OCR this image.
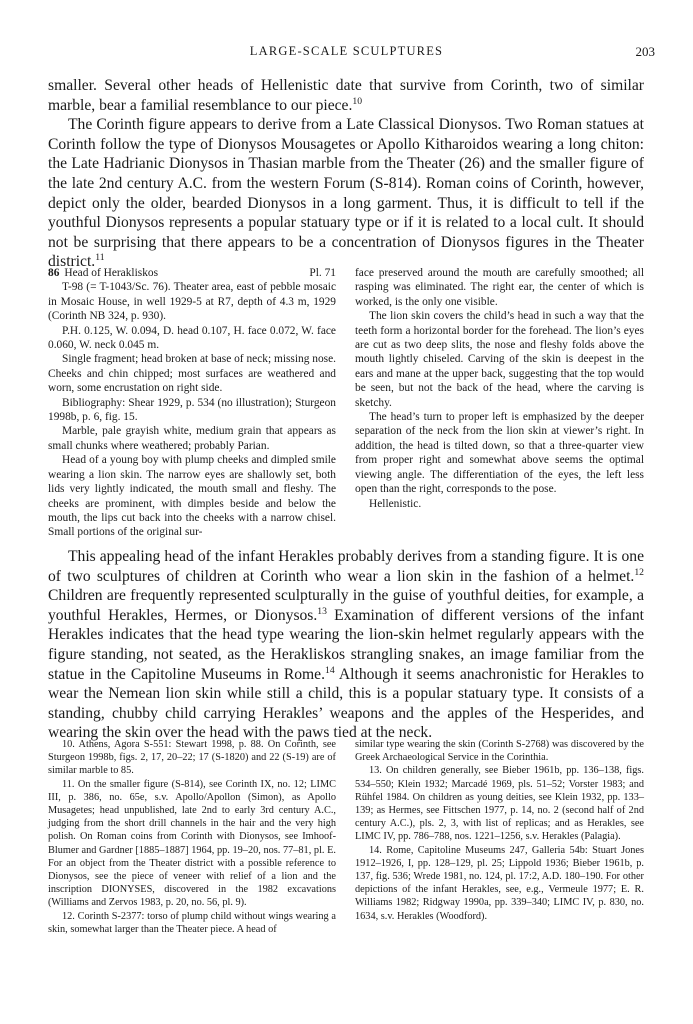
LARGE-SCALE SCULPTURES	203

smaller. Several other heads of Hellenistic date that survive from Corinth, two of similar marble, bear a familial resemblance to our piece.$^{10}$

The Corinth figure appears to derive from a Late Classical Dionysos. Two Roman statues at Corinth follow the type of Dionysos Mousagetes or Apollo Kitharoidos wearing a long chiton: the Late Hadrianic Dionysos in Thasian marble from the Theater (26) and the smaller figure of the late 2nd century A.C. from the western Forum (S-814). Roman coins of Corinth, however, depict only the older, bearded Dionysos in a long garment. Thus, it is difficult to tell if the youthful Dionysos represents a popular statuary type or if it is related to a local cult. It should not be surprising that there appears to be a concentration of Dionysos figures in the Theater district.$^{11}$

86 Head of Herakliskos	Pl. 71

T-98 (= T-1043/Sc. 76). Theater area, east of pebble mosaic in Mosaic House, in well 1929-5 at R7, depth of 4.3 m, 1929 (Corinth NB 324, p. 930).

P.H. 0.125, W. 0.094, D. head 0.107, H. face 0.072, W. face 0.060, W. neck 0.045 m.

Single fragment; head broken at base of neck; missing nose. Cheeks and chin chipped; most surfaces are weathered and worn, some encrustation on right side.

Bibliography: Shear 1929, p. 534 (no illustration); Sturgeon 1998b, p. 6, fig. 15.

Marble, pale grayish white, medium grain that appears as small chunks where weathered; probably Parian.

Head of a young boy with plump cheeks and dimpled smile wearing a lion skin. The narrow eyes are shallowly set, both lids very lightly indicated, the mouth small and fleshy. The cheeks are prominent, with dimples beside and below the mouth, the lips cut back into the cheeks with a narrow chisel. Small portions of the original sur-

face preserved around the mouth are carefully smoothed; all rasping was eliminated. The right ear, the center of which is worked, is the only one visible.

The lion skin covers the child’s head in such a way that the teeth form a horizontal border for the forehead. The lion’s eyes are cut as two deep slits, the nose and fleshy folds above the mouth lightly chiseled. Carving of the skin is deepest in the ears and mane at the upper back, suggesting that the top would be seen, but not the back of the head, where the carving is sketchy.

The head’s turn to proper left is emphasized by the deeper separation of the neck from the lion skin at viewer’s right. In addition, the head is tilted down, so that a three-quarter view from proper right and somewhat above seems the optimal viewing angle. The differentiation of the eyes, the left less open than the right, corresponds to the pose.

Hellenistic.

This appealing head of the infant Herakles probably derives from a standing figure. It is one of two sculptures of children at Corinth who wear a lion skin in the fashion of a helmet.$^{12}$ Children are frequently represented sculpturally in the guise of youthful deities, for example, a youthful Herakles, Hermes, or Dionysos.$^{13}$ Examination of different versions of the infant Herakles indicates that the head type wearing the lion-skin helmet regularly appears with the figure standing, not seated, as the Herakliskos strangling snakes, an image familiar from the statue in the Capitoline Museums in Rome.$^{14}$ Although it seems anachronistic for Herakles to wear the Nemean lion skin while still a child, this is a popular statuary type. It consists of a standing, chubby child carrying Herakles’ weapons and the apples of the Hesperides, and wearing the skin over the head with the paws tied at the neck.

10. Athens, Agora S-551: Stewart 1998, p. 88. On Corinth, see Sturgeon 1998b, figs. 2, 17, 20–22; 17 (S-1820) and 22 (S-19) are of similar marble to 85.

11. On the smaller figure (S-814), see Corinth IX, no. 12; LIMC III, p. 386, no. 65e, s.v. Apollo/Apollon (Simon), as Apollo Musagetes; head unpublished, late 2nd to early 3rd century A.C., judging from the short drill channels in the hair and the very high polish. On Roman coins from Corinth with Dionysos, see Imhoof-Blumer and Gardner [1885–1887] 1964, pp. 19–20, nos. 77–81, pl. E. For an object from the Theater district with a possible reference to Dionysos, see the piece of veneer with relief of a lion and the inscription DIONYSES, discovered in the 1982 excavations (Williams and Zervos 1983, p. 20, no. 56, pl. 9).

12. Corinth S-2377: torso of plump child without wings wearing a skin, somewhat larger than the Theater piece. A head of

similar type wearing the skin (Corinth S-2768) was discovered by the Greek Archaeological Service in the Corinthia.

13. On children generally, see Bieber 1961b, pp. 136–138, figs. 534–550; Klein 1932; Marcadé 1969, pls. 51–52; Vorster 1983; and Rühfel 1984. On children as young deities, see Klein 1932, pp. 133–139; as Hermes, see Fittschen 1977, p. 14, no. 2 (second half of 2nd century A.C.), pls. 2, 3, with list of replicas; and as Herakles, see LIMC IV, pp. 786–788, nos. 1221–1256, s.v. Herakles (Palagia).

14. Rome, Capitoline Museums 247, Galleria 54b: Stuart Jones 1912–1926, I, pp. 128–129, pl. 25; Lippold 1936; Bieber 1961b, p. 137, fig. 536; Wrede 1981, no. 124, pl. 17:2, A.D. 180–190. For other depictions of the infant Herakles, see, e.g., Vermeule 1977; E. R. Williams 1982; Ridgway 1990a, pp. 339–340; LIMC IV, p. 830, no. 1634, s.v. Herakles (Woodford).
